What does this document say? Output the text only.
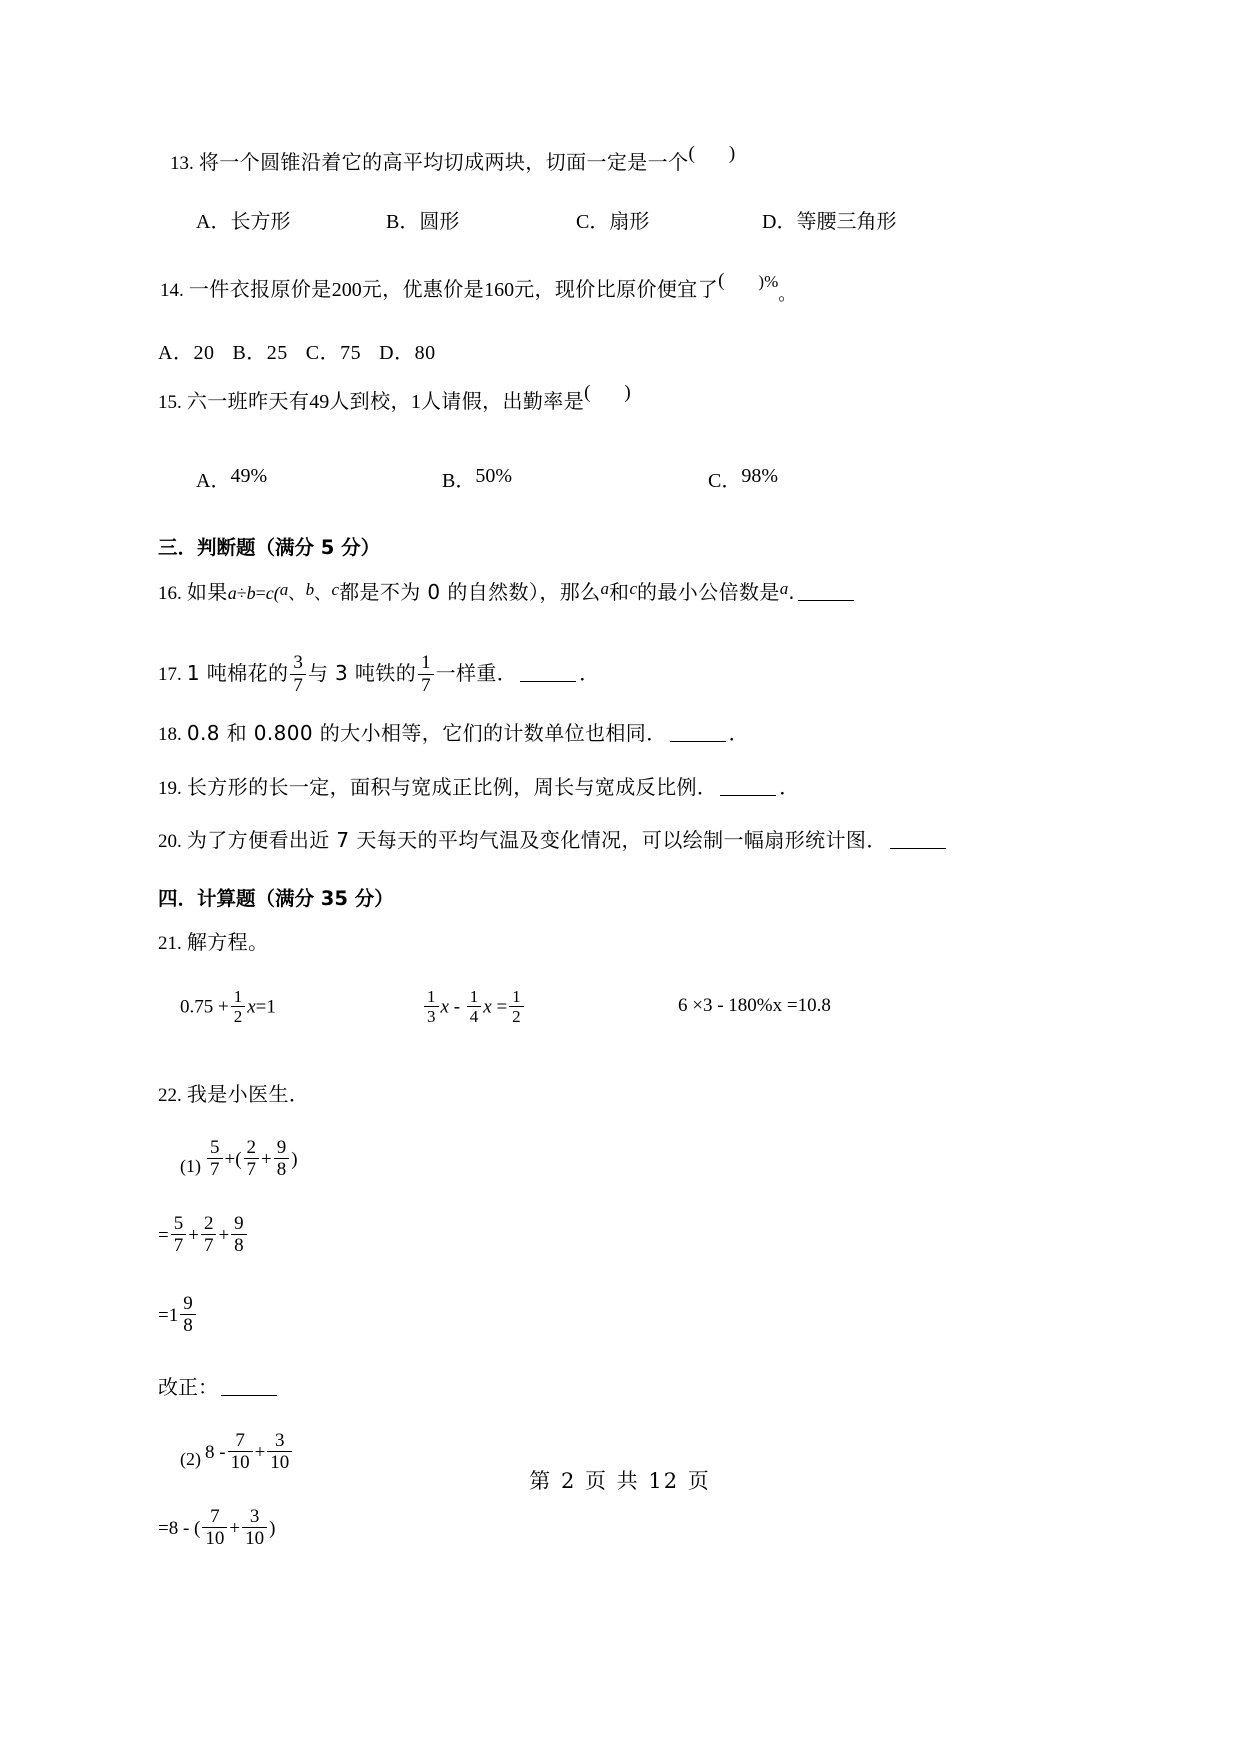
13. 将一个圆锥沿着它的高平均切成两块，切面一定是一个( )
A．长方形	B．圆形	C．扇形	D．等腰三角形
14. 一件衣报原价是200元，优惠价是160元，现价比原价便宜了( )%。
A．20 B．25 C．75 D．80
15. 六一班昨天有49人到校，1人请假，出勤率是( )
A．49%	B．50%	C．98%
三．判断题（满分 5 分）
16. 如果a÷b=c(a、b、c都是不为 0 的自然数），那么$^a$和$^c$的最小公倍数是$^a$.
17. 1 吨棉花的 $\frac{3}{7}$ 与 3 吨铁的 $\frac{1}{7}$ 一样重．	．
18. 0.8 和 0.800 的大小相等，它们的计数单位也相同．	．
19. 长方形的长一定，面积与宽成正比例，周长与宽成反比例．	．
20. 为了方便看出近 7 天每天的平均气温及变化情况，可以绘制一幅扇形统计图．
四．计算题（满分 35 分）
21. 解方程。
$0.75 + \frac{1}{2} x=1$	$\frac{1}{3}$ x - $\frac{1}{4}$ $x = \frac{1}{2}$	6 ×3 - 180%x =10.8
22. 我是小医生．
$(1) \frac{5}{7}$ +( $\frac{2}{7} + \frac{9}{8}$ )
= $\frac{5}{7} + \frac{2}{7} + \frac{9}{8}$
$=1 \frac{9}{8}$
改正：
(2) $8 - \frac{7}{10} + \frac{3}{10}$
=8 - ( $\frac{7}{10} + \frac{3}{10}$ )
第 2 页 共 12 页
